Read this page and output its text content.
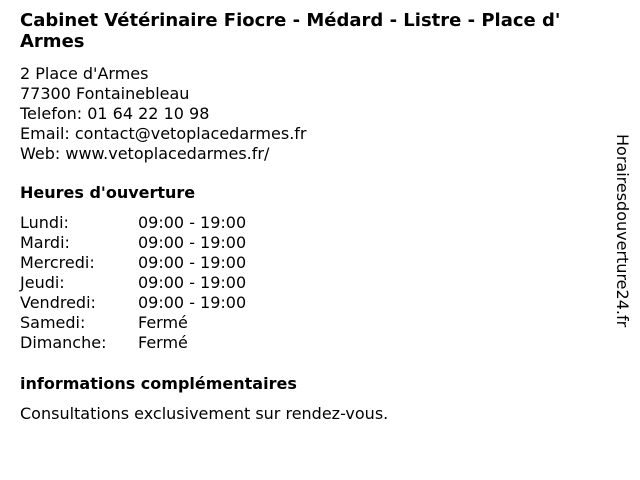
Cabinet Vétérinaire Fiocre - Médard - Listre - Place d' Armes
2 Place d'Armes
77300 Fontainebleau
Telefon: 01 64 22 10 98
Email: contact@vetoplacedarmes.fr
Web: www.vetoplacedarmes.fr/
Heures d'ouverture
Lundi:	09:00 - 19:00
Mardi:	09:00 - 19:00
Mercredi:	09:00 - 19:00
Jeudi:	09:00 - 19:00
Vendredi:	09:00 - 19:00
Samedi:	Fermé
Dimanche:	Fermé
informations complémentaires
Consultations exclusivement sur rendez-vous.
Horairesdouverture24.fr
